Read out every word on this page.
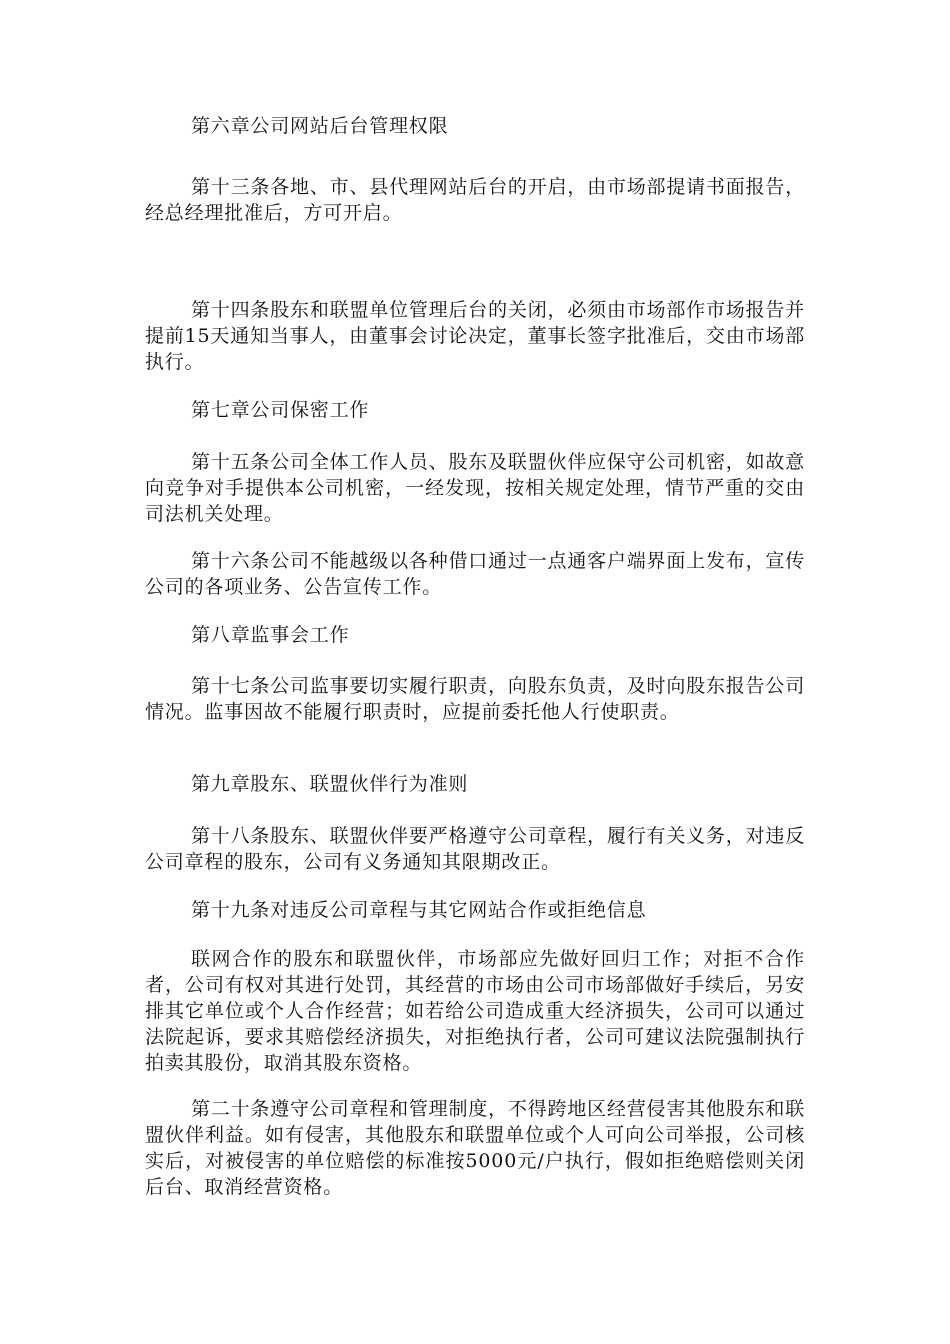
第六章公司网站后台管理权限

第十三条各地、市、县代理网站后台的开启，由市场部提请书面报告，经总经理批准后，方可开启。

第十四条股东和联盟单位管理后台的关闭，必须由市场部作市场报告并提前15天通知当事人，由董事会讨论决定，董事长签字批准后，交由市场部执行。

第七章公司保密工作

第十五条公司全体工作人员、股东及联盟伙伴应保守公司机密，如故意向竞争对手提供本公司机密，一经发现，按相关规定处理，情节严重的交由司法机关处理。

第十六条公司不能越级以各种借口通过一点通客户端界面上发布，宣传公司的各项业务、公告宣传工作。

第八章监事会工作

第十七条公司监事要切实履行职责，向股东负责，及时向股东报告公司情况。监事因故不能履行职责时，应提前委托他人行使职责。

第九章股东、联盟伙伴行为准则

第十八条股东、联盟伙伴要严格遵守公司章程，履行有关义务，对违反公司章程的股东，公司有义务通知其限期改正。

第十九条对违反公司章程与其它网站合作或拒绝信息

联网合作的股东和联盟伙伴，市场部应先做好回归工作；对拒不合作者，公司有权对其进行处罚，其经营的市场由公司市场部做好手续后，另安排其它单位或个人合作经营；如若给公司造成重大经济损失，公司可以通过法院起诉，要求其赔偿经济损失，对拒绝执行者，公司可建议法院强制执行拍卖其股份，取消其股东资格。

第二十条遵守公司章程和管理制度，不得跨地区经营侵害其他股东和联盟伙伴利益。如有侵害，其他股东和联盟单位或个人可向公司举报，公司核实后，对被侵害的单位赔偿的标准按5000元/户执行，假如拒绝赔偿则关闭后台、取消经营资格。
